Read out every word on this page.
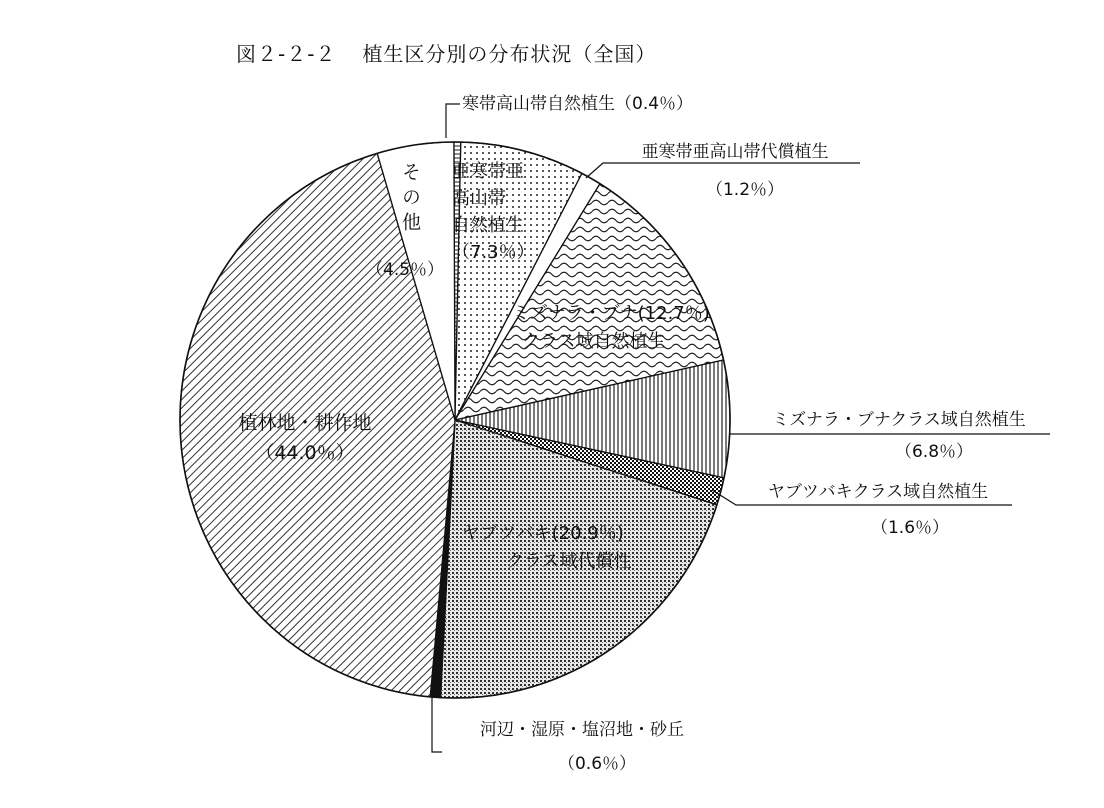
図２-２-２ 植生区分別の分布状況（全国）
寒帯高山帯自然植生（0.4％）
亜寒帯亜
高山帯
自然植生
（7.3％）
亜寒帯亜高山帯代償植生
（1.2％）
ミズナラ・ブナ(12.7％)
クラス域自然植生
ミズナラ・ブナクラス域自然植生
（6.8％）
ヤブツバキクラス域自然植生
（1.6％）
ヤブツバキ(20.9％)
クラス域代償性
河辺・湿原・塩沼地・砂丘
（0.6％）
植林地・耕作地
（44.0％）
その他
（4.5％）
